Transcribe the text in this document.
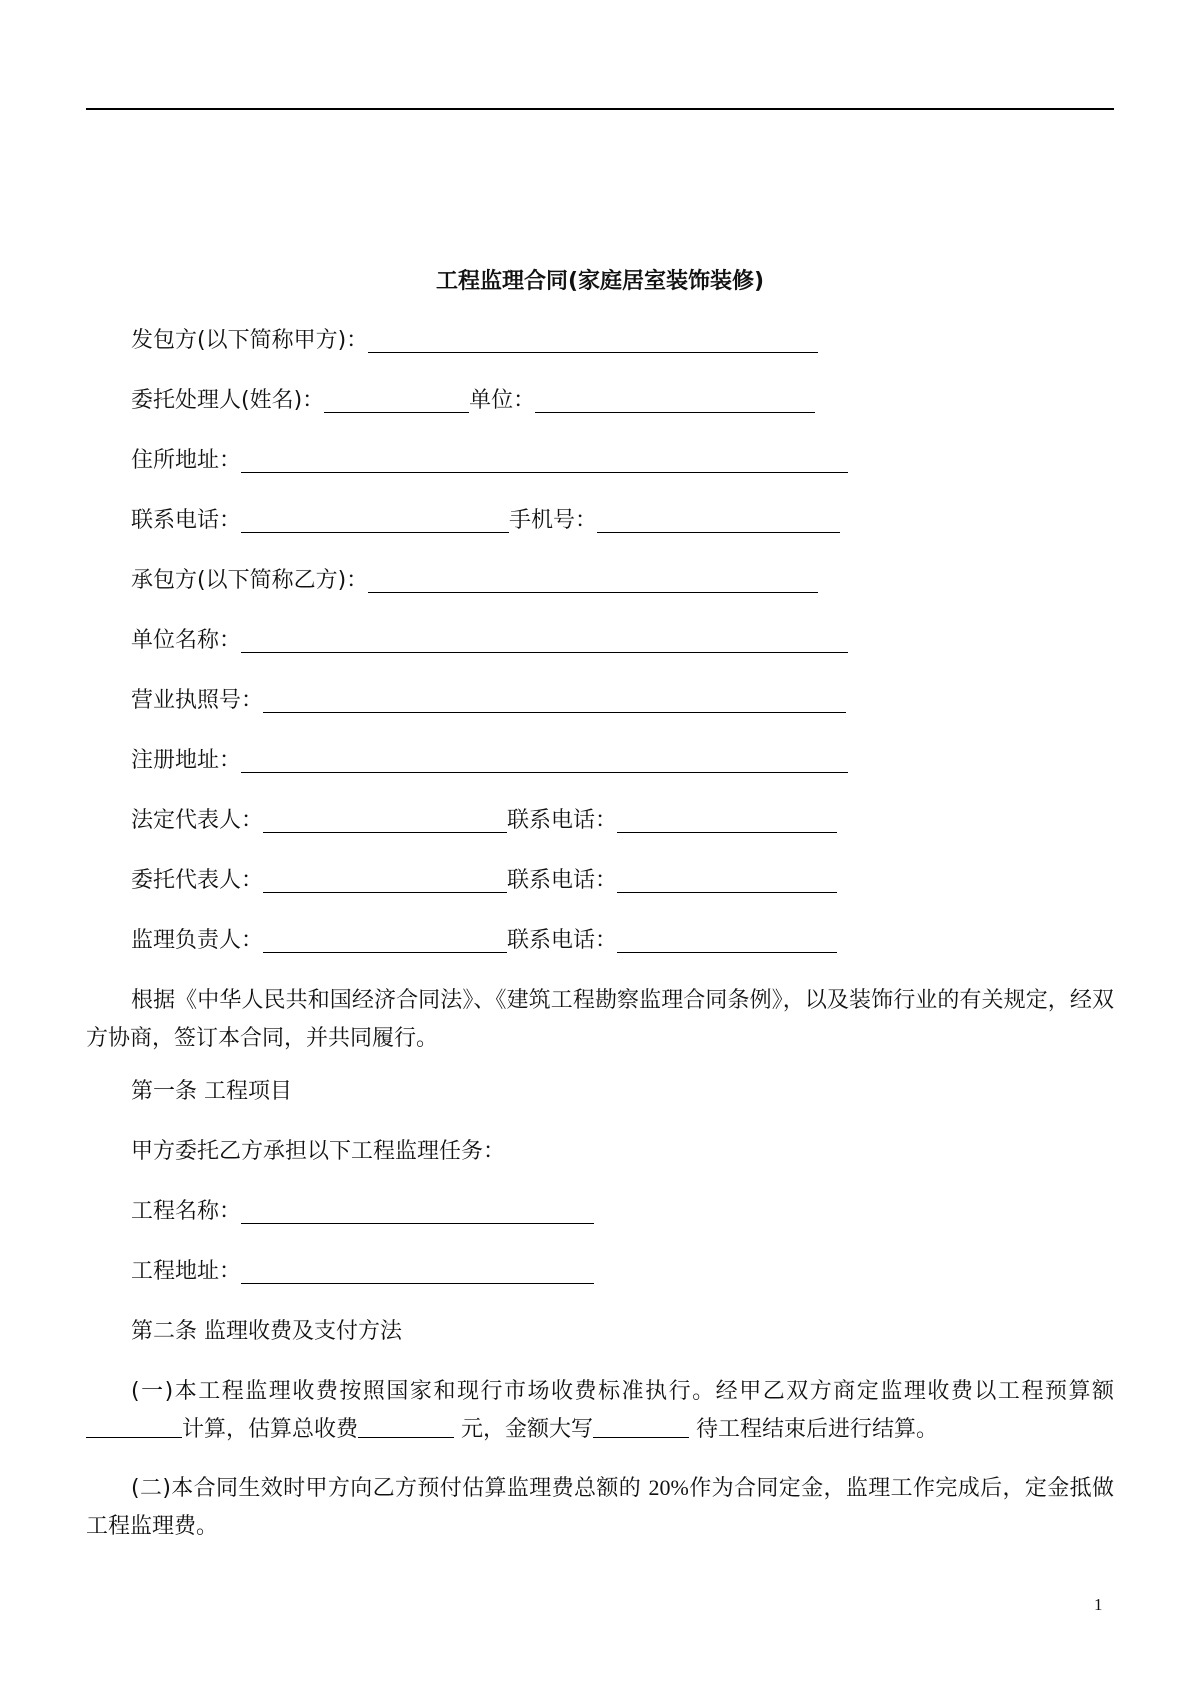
工程监理合同(家庭居室装饰装修)
发包方(以下简称甲方)：
委托处理人(姓名)：	单位：
住所地址：
联系电话：	手机号：
承包方(以下简称乙方)：
单位名称：
营业执照号：
注册地址：
法定代表人：	联系电话：
委托代表人：	联系电话：
监理负责人：	联系电话：
根据《中华人民共和国经济合同法》、《建筑工程勘察监理合同条例》，以及装饰行业的有关规定，经双方协商，签订本合同，并共同履行。
第一条 工程项目
甲方委托乙方承担以下工程监理任务：
工程名称：
工程地址：
第二条 监理收费及支付方法
(一)本工程监理收费按照国家和现行市场收费标准执行。经甲乙双方商定监理收费以工程预算额计算，估算总收费	元，金额大写	待工程结束后进行结算。
(二)本合同生效时甲方向乙方预付估算监理费总额的 20%作为合同定金，监理工作完成后，定金抵做工程监理费。
1
